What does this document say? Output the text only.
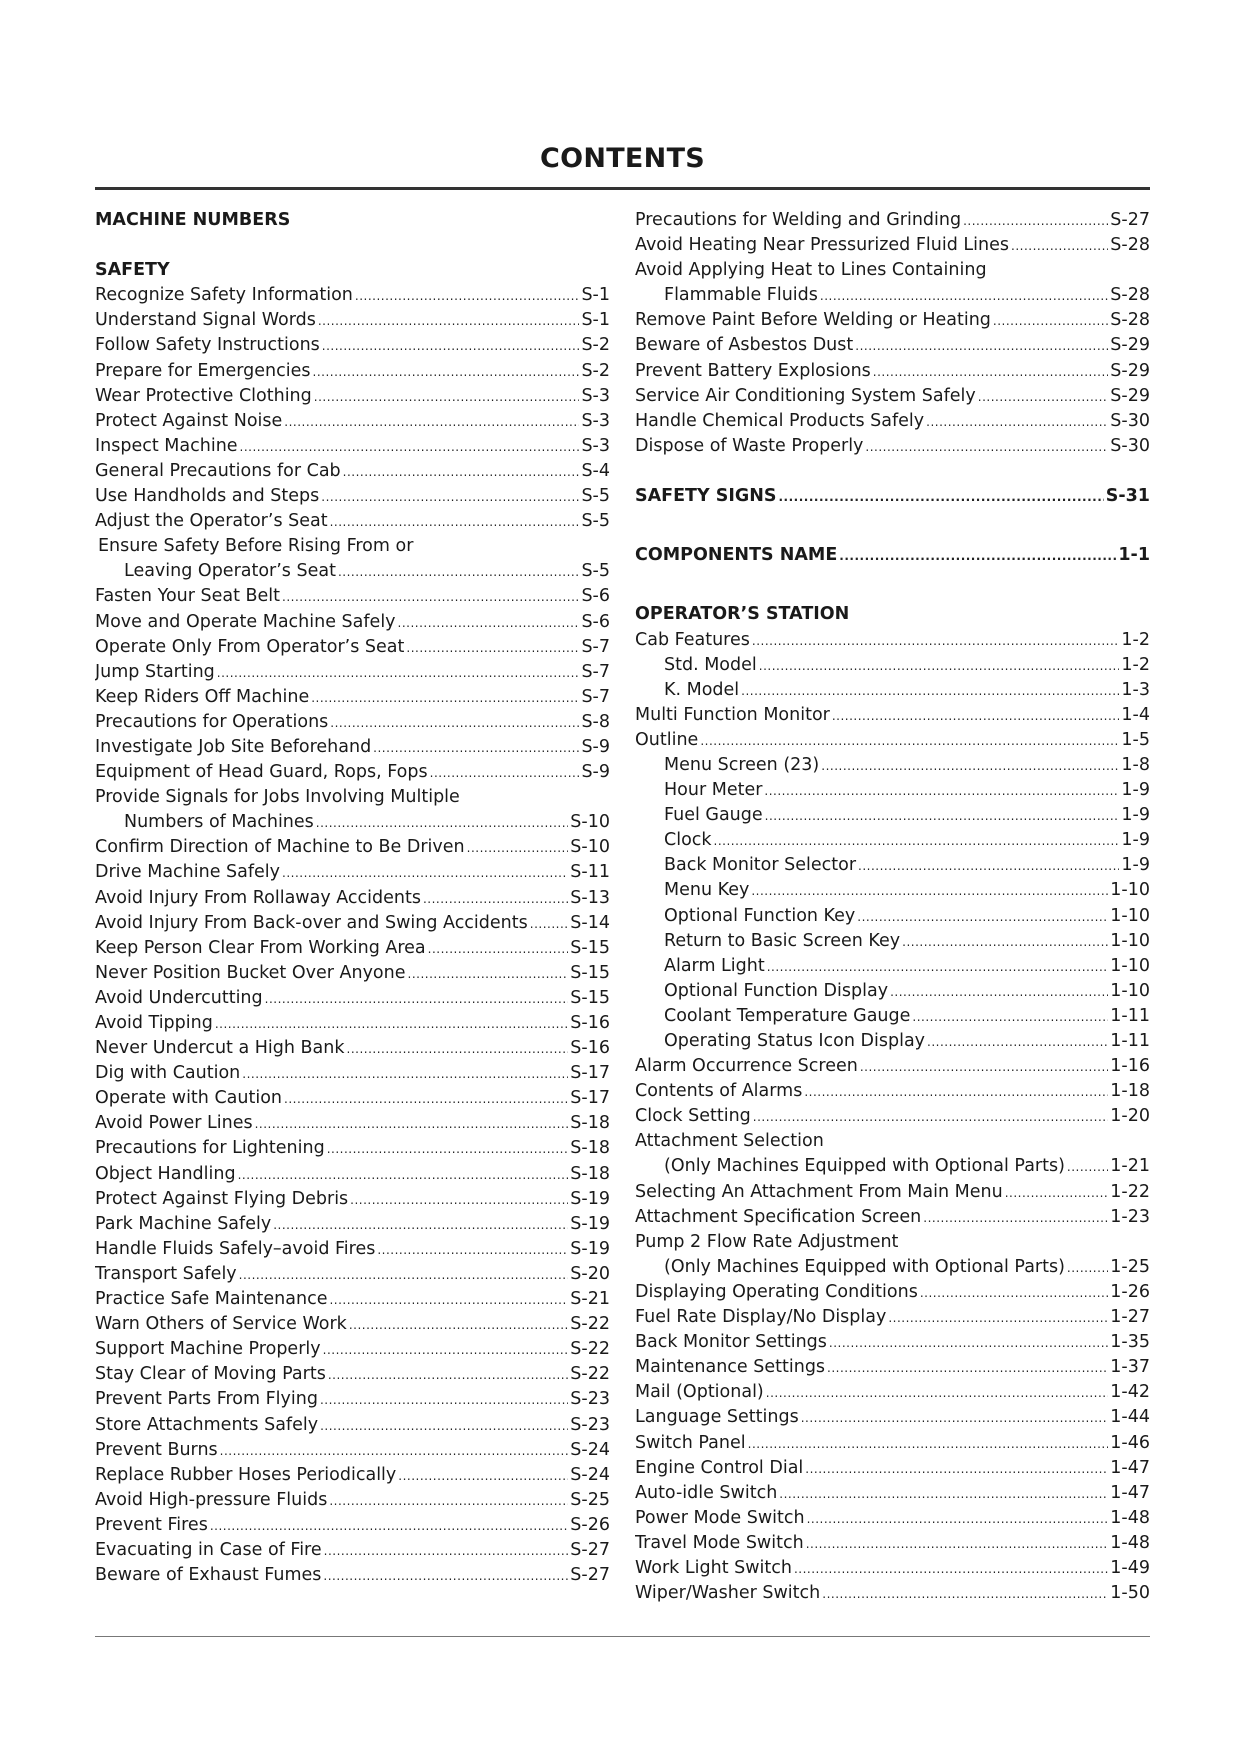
CONTENTS
MACHINE NUMBERS
SAFETY
Recognize Safety Information .....	S-1
Understand Signal Words .....	S-1
Follow Safety Instructions .....	S-2
Prepare for Emergencies .....	S-2
Wear Protective Clothing .....	S-3
Protect Against Noise .....	S-3
Inspect Machine .....	S-3
General Precautions for Cab .....	S-4
Use Handholds and Steps .....	S-5
Adjust the Operator’s Seat .....	S-5
Ensure Safety Before Rising From or
Leaving Operator’s Seat .....	S-5
Fasten Your Seat Belt .....	S-6
Move and Operate Machine Safely .....	S-6
Operate Only From Operator’s Seat .....	S-7
Jump Starting .....	S-7
Keep Riders Off Machine .....	S-7
Precautions for Operations .....	S-8
Investigate Job Site Beforehand .....	S-9
Equipment of Head Guard, Rops, Fops .....	S-9
Provide Signals for Jobs Involving Multiple
Numbers of Machines .....	S-10
Confirm Direction of Machine to Be Driven .....	S-10
Drive Machine Safely .....	S-11
Avoid Injury From Rollaway Accidents .....	S-13
Avoid Injury From Back-over and Swing Accidents ..... S-14
Keep Person Clear From Working Area .....	S-15
Never Position Bucket Over Anyone .....	S-15
Avoid Undercutting .....	S-15
Avoid Tipping .....	S-16
Never Undercut a High Bank .....	S-16
Dig with Caution .....	S-17
Operate with Caution .....	S-17
Avoid Power Lines .....	S-18
Precautions for Lightening .....	S-18
Object Handling .....	S-18
Protect Against Flying Debris .....	S-19
Park Machine Safely .....	S-19
Handle Fluids Safely–avoid Fires .....	S-19
Transport Safely .....	S-20
Practice Safe Maintenance .....	S-21
Warn Others of Service Work .....	S-22
Support Machine Properly .....	S-22
Stay Clear of Moving Parts .....	S-22
Prevent Parts From Flying .....	S-23
Store Attachments Safely .....	S-23
Prevent Burns .....	S-24
Replace Rubber Hoses Periodically .....	S-24
Avoid High-pressure Fluids .....	S-25
Prevent Fires .....	S-26
Evacuating in Case of Fire .....	S-27
Beware of Exhaust Fumes .....	S-27
Precautions for Welding and Grinding .....	S-27
Avoid Heating Near Pressurized Fluid Lines .....	S-28
Avoid Applying Heat to Lines Containing
Flammable Fluids .....	S-28
Remove Paint Before Welding or Heating .....	S-28
Beware of Asbestos Dust .....	S-29
Prevent Battery Explosions .....	S-29
Service Air Conditioning System Safely .....	S-29
Handle Chemical Products Safely .....	S-30
Dispose of Waste Properly .....	S-30
SAFETY SIGNS .....	S-31
COMPONENTS NAME .....	1-1
OPERATOR’S STATION
Cab Features .....	1-2
Std. Model .....	1-2
K. Model .....	1-3
Multi Function Monitor .....	1-4
Outline .....	1-5
Menu Screen (23) .....	1-8
Hour Meter .....	1-9
Fuel Gauge .....	1-9
Clock .....	1-9
Back Monitor Selector .....	1-9
Menu Key .....	1-10
Optional Function Key .....	1-10
Return to Basic Screen Key .....	1-10
Alarm Light .....	1-10
Optional Function Display .....	1-10
Coolant Temperature Gauge .....	1-11
Operating Status Icon Display .....	1-11
Alarm Occurrence Screen .....	1-16
Contents of Alarms .....	1-18
Clock Setting .....	1-20
Attachment Selection
(Only Machines Equipped with Optional Parts) .....	1-21
Selecting An Attachment From Main Menu .....	1-22
Attachment Specification Screen .....	1-23
Pump 2 Flow Rate Adjustment
(Only Machines Equipped with Optional Parts) .....	1-25
Displaying Operating Conditions .....	1-26
Fuel Rate Display/No Display .....	1-27
Back Monitor Settings .....	1-35
Maintenance Settings .....	1-37
Mail (Optional) .....	1-42
Language Settings .....	1-44
Switch Panel .....	1-46
Engine Control Dial .....	1-47
Auto-idle Switch .....	1-47
Power Mode Switch .....	1-48
Travel Mode Switch .....	1-48
Work Light Switch .....	1-49
Wiper/Washer Switch .....	1-50
